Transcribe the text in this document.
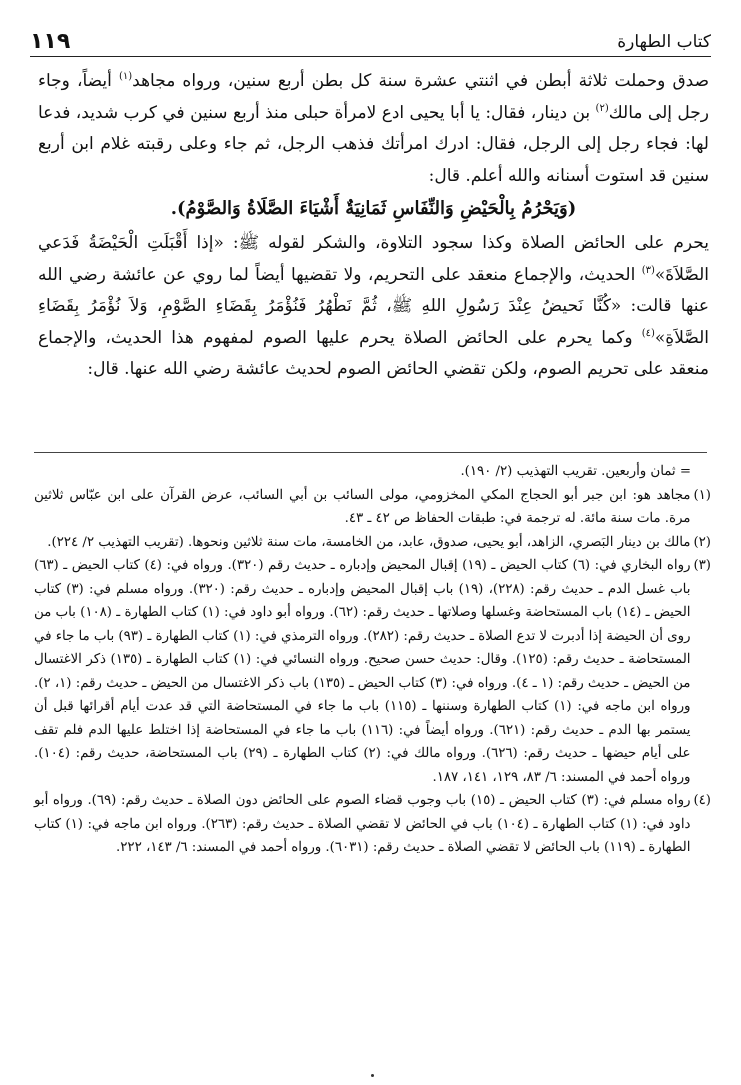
كتاب الطهارة
١١٩

صدق وحملت ثلاثة أبطن في اثنتي عشرة سنة كل بطن أربع سنين، ورواه مجاهد$^{(١)}$ أيضاً، وجاء رجل إلى مالك$^{(٢)}$ بن دينار، فقال: يا أبا يحيى ادع لامرأة حبلى منذ أربع سنين في كرب شديد، فدعا لها: فجاء رجل إلى الرجل، فقال: ادرك امرأتك فذهب الرجل، ثم جاء وعلى رقبته غلام ابن أربع سنين قد استوت أسنانه والله أعلم. قال:

(وَيَحْرُمُ بِالْحَيْضِ وَالنِّفَاسِ ثَمَانِيَةٌ أَشْيَاءَ الصَّلَاةُ وَالصَّوْمُ).

يحرم على الحائض الصلاة وكذا سجود التلاوة، والشكر لقوله ﷺ: «إذا أَقْبَلَتِ الْحَيْضَةُ فَدَعي الصَّلاَةَ»$^{(٣)}$ الحديث، والإجماع منعقد على التحريم، ولا تقضيها أيضاً لما روي عن عائشة رضي الله عنها قالت: «كُنَّا نَحيضُ عِنْدَ رَسُولِ اللهِ ﷺ، ثُمَّ نَطْهُرُ فَنُؤْمَرُ بِقَضَاءِ الصَّوْمِ، وَلاَ نُؤْمَرُ بِقَضَاءِ الصَّلاَةِ»$^{(٤)}$ وكما يحرم على الحائض الصلاة يحرم عليها الصوم لمفهوم هذا الحديث، والإجماع منعقد على تحريم الصوم، ولكن تقضي الحائض الصوم لحديث عائشة رضي الله عنها. قال:

= ثمان وأربعين. تقريب التهذيب (٢/ ١٩٠).
(١)
مجاهد هو: ابن جبر أبو الحجاج المكي المخزومي، مولى السائب بن أبي السائب، عرض القرآن على ابن عبّاس ثلاثين مرة. مات سنة مائة. له ترجمة في: طبقات الحفاظ ص ٤٢ ـ ٤٣.
(٢)
مالك بن دينار البَصري، الزاهد، أبو يحيى، صدوق، عابد، من الخامسة، مات سنة ثلاثين ونحوها. (تقريب التهذيب ٢/ ٢٢٤).
(٣)
رواه البخاري في: (٦) كتاب الحيض ـ (١٩) إقبال المحيض وإدباره ـ حديث رقم (٣٢٠). ورواه في: (٤) كتاب الحيض ـ (٦٣) باب غسل الدم ـ حديث رقم: (٢٢٨)، (١٩) باب إقبال المحيض وإدباره ـ حديث رقم: (٣٢٠). ورواه مسلم في: (٣) كتاب الحيض ـ (١٤) باب المستحاضة وغسلها وصلاتها ـ حديث رقم: (٦٢). ورواه أبو داود في: (١) كتاب الطهارة ـ (١٠٨) باب من روى أن الحيضة إذا أدبرت لا تدع الصلاة ـ حديث رقم: (٢٨٢). ورواه الترمذي في: (١) كتاب الطهارة ـ (٩٣) باب ما جاء في المستحاضة ـ حديث رقم: (١٢٥). وقال: حديث حسن صحيح. ورواه النسائي في: (١) كتاب الطهارة ـ (١٣٥) ذكر الاغتسال من الحيض ـ حديث رقم: (١ ـ ٤). ورواه في: (٣) كتاب الحيض ـ (١٣٥) باب ذكر الاغتسال من الحيض ـ حديث رقم: (١، ٢). ورواه ابن ماجه في: (١) كتاب الطهارة وسننها ـ (١١٥) باب ما جاء في المستحاضة التي قد عدت أيام أقرائها قبل أن يستمر بها الدم ـ حديث رقم: (٦٢١). ورواه أيضاً في: (١١٦) باب ما جاء في المستحاضة إذا اختلط عليها الدم فلم تقف على أيام حيضها ـ حديث رقم: (٦٢٦). ورواه مالك في: (٢) كتاب الطهارة ـ (٢٩) باب المستحاضة، حديث رقم: (١٠٤). ورواه أحمد في المسند: ٦/ ٨٣، ١٢٩، ١٤١، ١٨٧.
(٤)
رواه مسلم في: (٣) كتاب الحيض ـ (١٥) باب وجوب قضاء الصوم على الحائض دون الصلاة ـ حديث رقم: (٦٩). ورواه أبو داود في: (١) كتاب الطهارة ـ (١٠٤) باب في الحائض لا تقضي الصلاة ـ حديث رقم: (٢٦٣). ورواه ابن ماجه في: (١) كتاب الطهارة ـ (١١٩) باب الحائض لا تقضي الصلاة ـ حديث رقم: (٦٠٣١). ورواه أحمد في المسند: ٦/ ١٤٣، ٢٢٢.
